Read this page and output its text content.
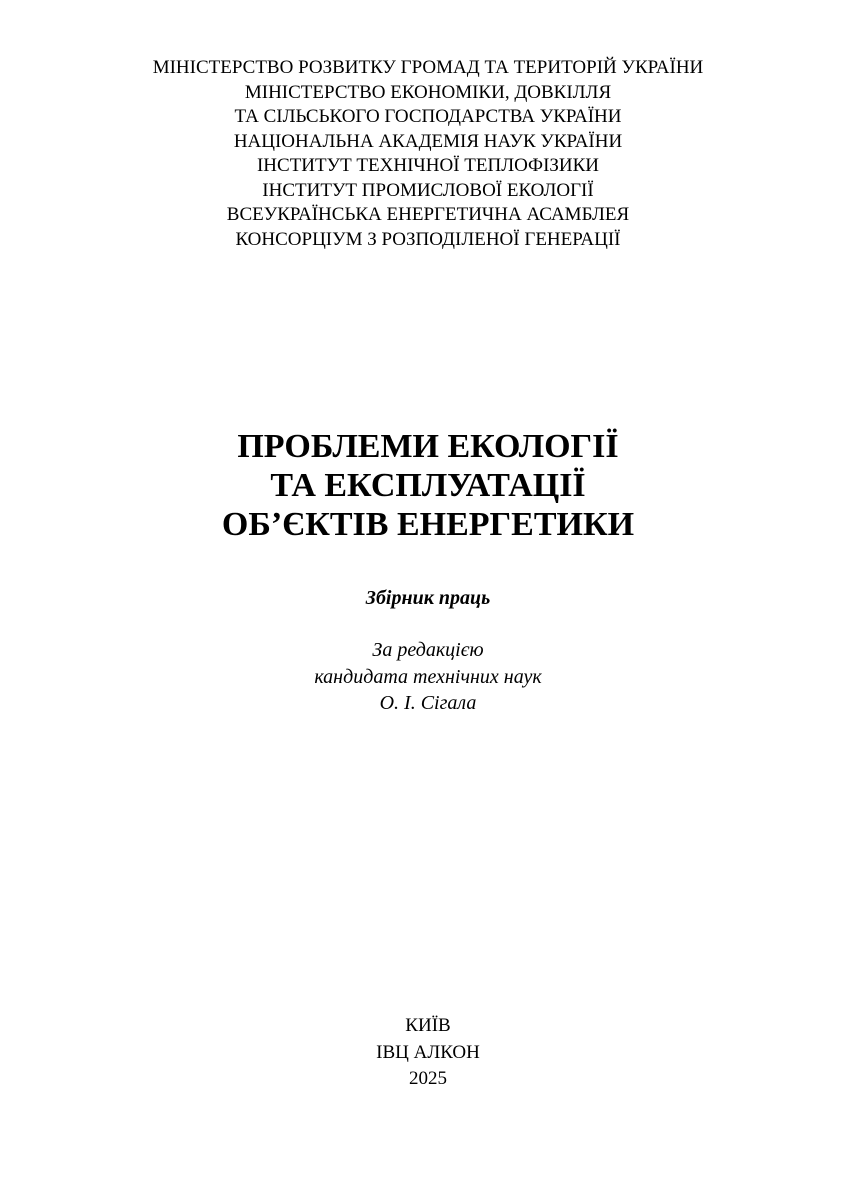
МІНІСТЕРСТВО РОЗВИТКУ ГРОМАД ТА ТЕРИТОРІЙ УКРАЇНИ
МІНІСТЕРСТВО ЕКОНОМІКИ, ДОВКІЛЛЯ
ТА СІЛЬСЬКОГО ГОСПОДАРСТВА УКРАЇНИ
НАЦІОНАЛЬНА АКАДЕМІЯ НАУК УКРАЇНИ
ІНСТИТУТ ТЕХНІЧНОЇ ТЕПЛОФІЗИКИ
ІНСТИТУТ ПРОМИСЛОВОЇ ЕКОЛОГІЇ
ВСЕУКРАЇНСЬКА ЕНЕРГЕТИЧНА АСАМБЛЕЯ
КОНСОРЦІУМ З РОЗПОДІЛЕНОЇ ГЕНЕРАЦІЇ
ПРОБЛЕМИ ЕКОЛОГІЇ
ТА ЕКСПЛУАТАЦІЇ
ОБ’ЄКТІВ ЕНЕРГЕТИКИ
Збірник праць
За редакцією
кандидата технічних наук
О. І. Сігала
КИЇВ
ІВЦ АЛКОН
2025
